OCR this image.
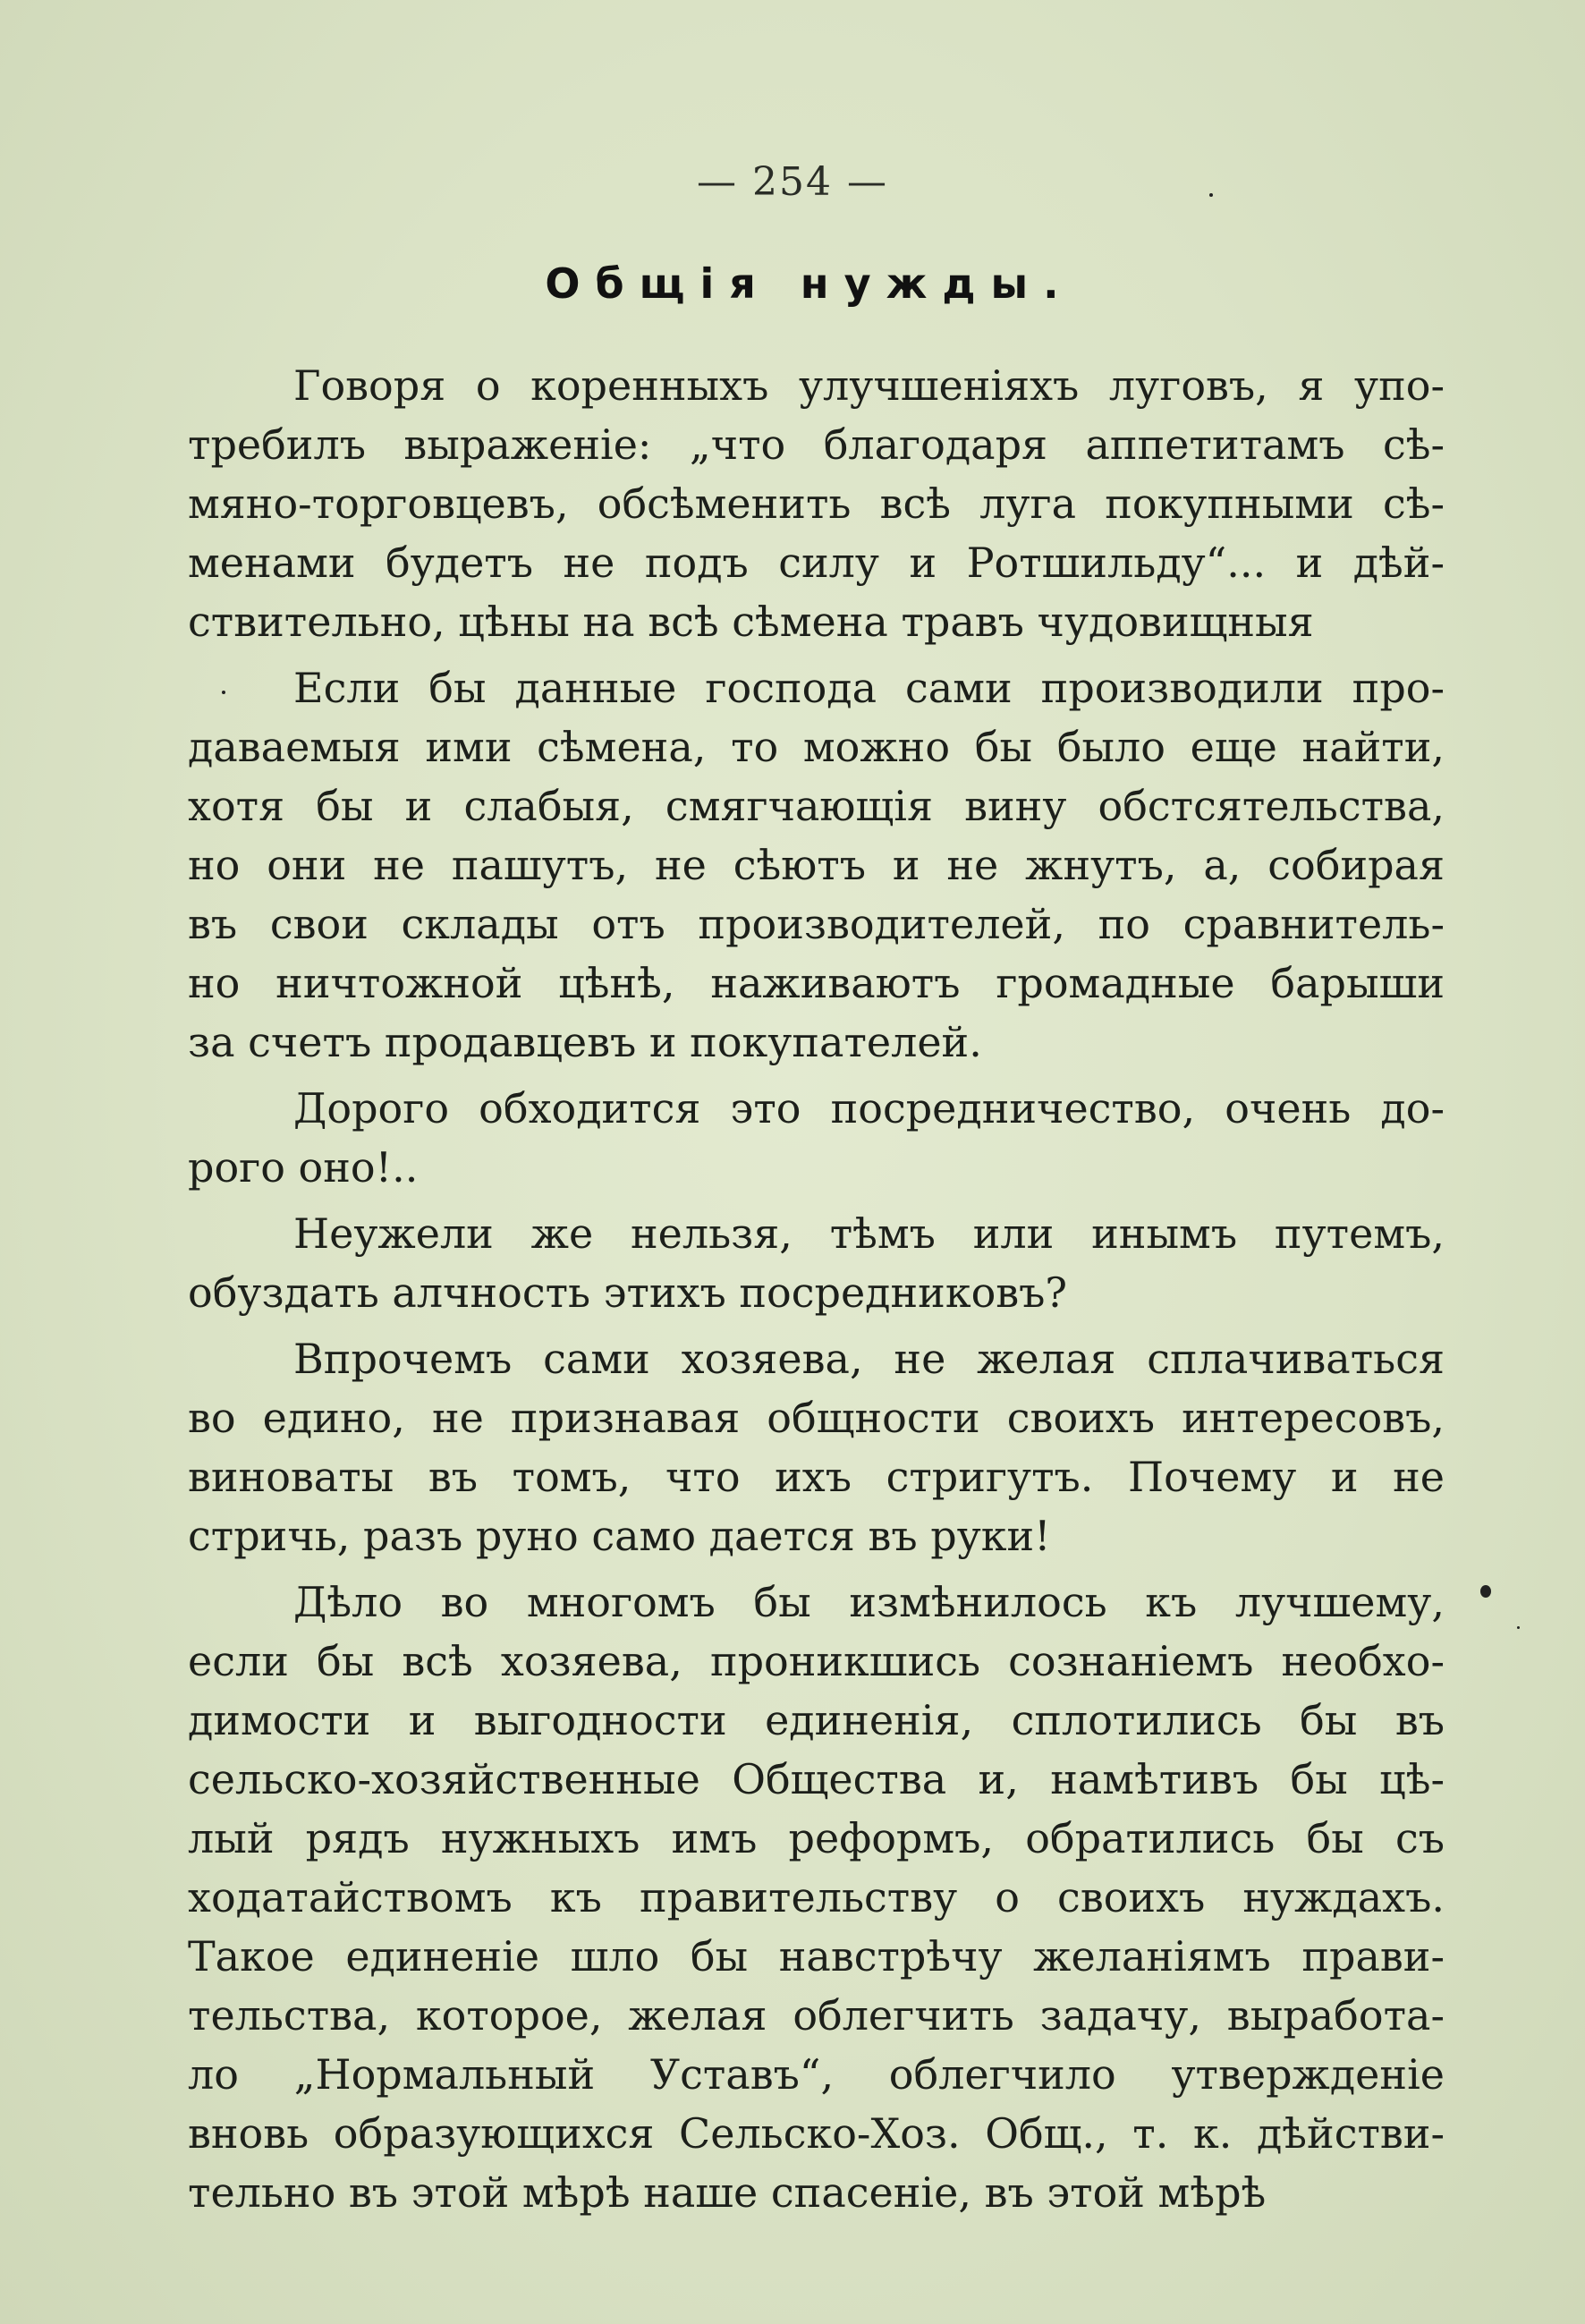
— 254 —
Общія нужды.
Говоря о коренныхъ улучшеніяхъ луговъ, я упо-
требилъ выраженіе: „что благодаря аппетитамъ сѣ-
мяно-торговцевъ, обсѣменить всѣ луга покупными сѣ-
менами будетъ не подъ силу и Ротшильду“... и дѣй-
ствительно, цѣны на всѣ сѣмена травъ чудовищныя
Если бы данные господа сами производили про-
даваемыя ими сѣмена, то можно бы было еще найти,
хотя бы и слабыя, смягчающія вину обстсятельства,
но они не пашутъ, не сѣютъ и не жнутъ, а, собирая
въ свои склады отъ производителей, по сравнитель-
но ничтожной цѣнѣ, наживаютъ громадные барыши
за счетъ продавцевъ и покупателей.
Дорого обходится это посредничество, очень до-
рого оно!..
Неужели же нельзя, тѣмъ или инымъ путемъ,
обуздать алчность этихъ посредниковъ?
Впрочемъ сами хозяева, не желая сплачиваться
во едино, не признавая общности своихъ интересовъ,
виноваты въ томъ, что ихъ стригутъ. Почему и не
стричь, разъ руно само дается въ руки!
Дѣло во многомъ бы измѣнилось къ лучшему,
если бы всѣ хозяева, проникшись сознаніемъ необхо-
димости и выгодности единенія, сплотились бы въ
сельско-хозяйственные Общества и, намѣтивъ бы цѣ-
лый рядъ нужныхъ имъ реформъ, обратились бы съ
ходатайствомъ къ правительству о своихъ нуждахъ.
Такое единеніе шло бы навстрѣчу желаніямъ прави-
тельства, которое, желая облегчить задачу, выработа-
ло „Нормальный Уставъ“, облегчило утвержденіе
вновь образующихся Сельско-Хоз. Общ., т. к. дѣйстви-
тельно въ этой мѣрѣ наше спасеніе, въ этой мѣрѣ
